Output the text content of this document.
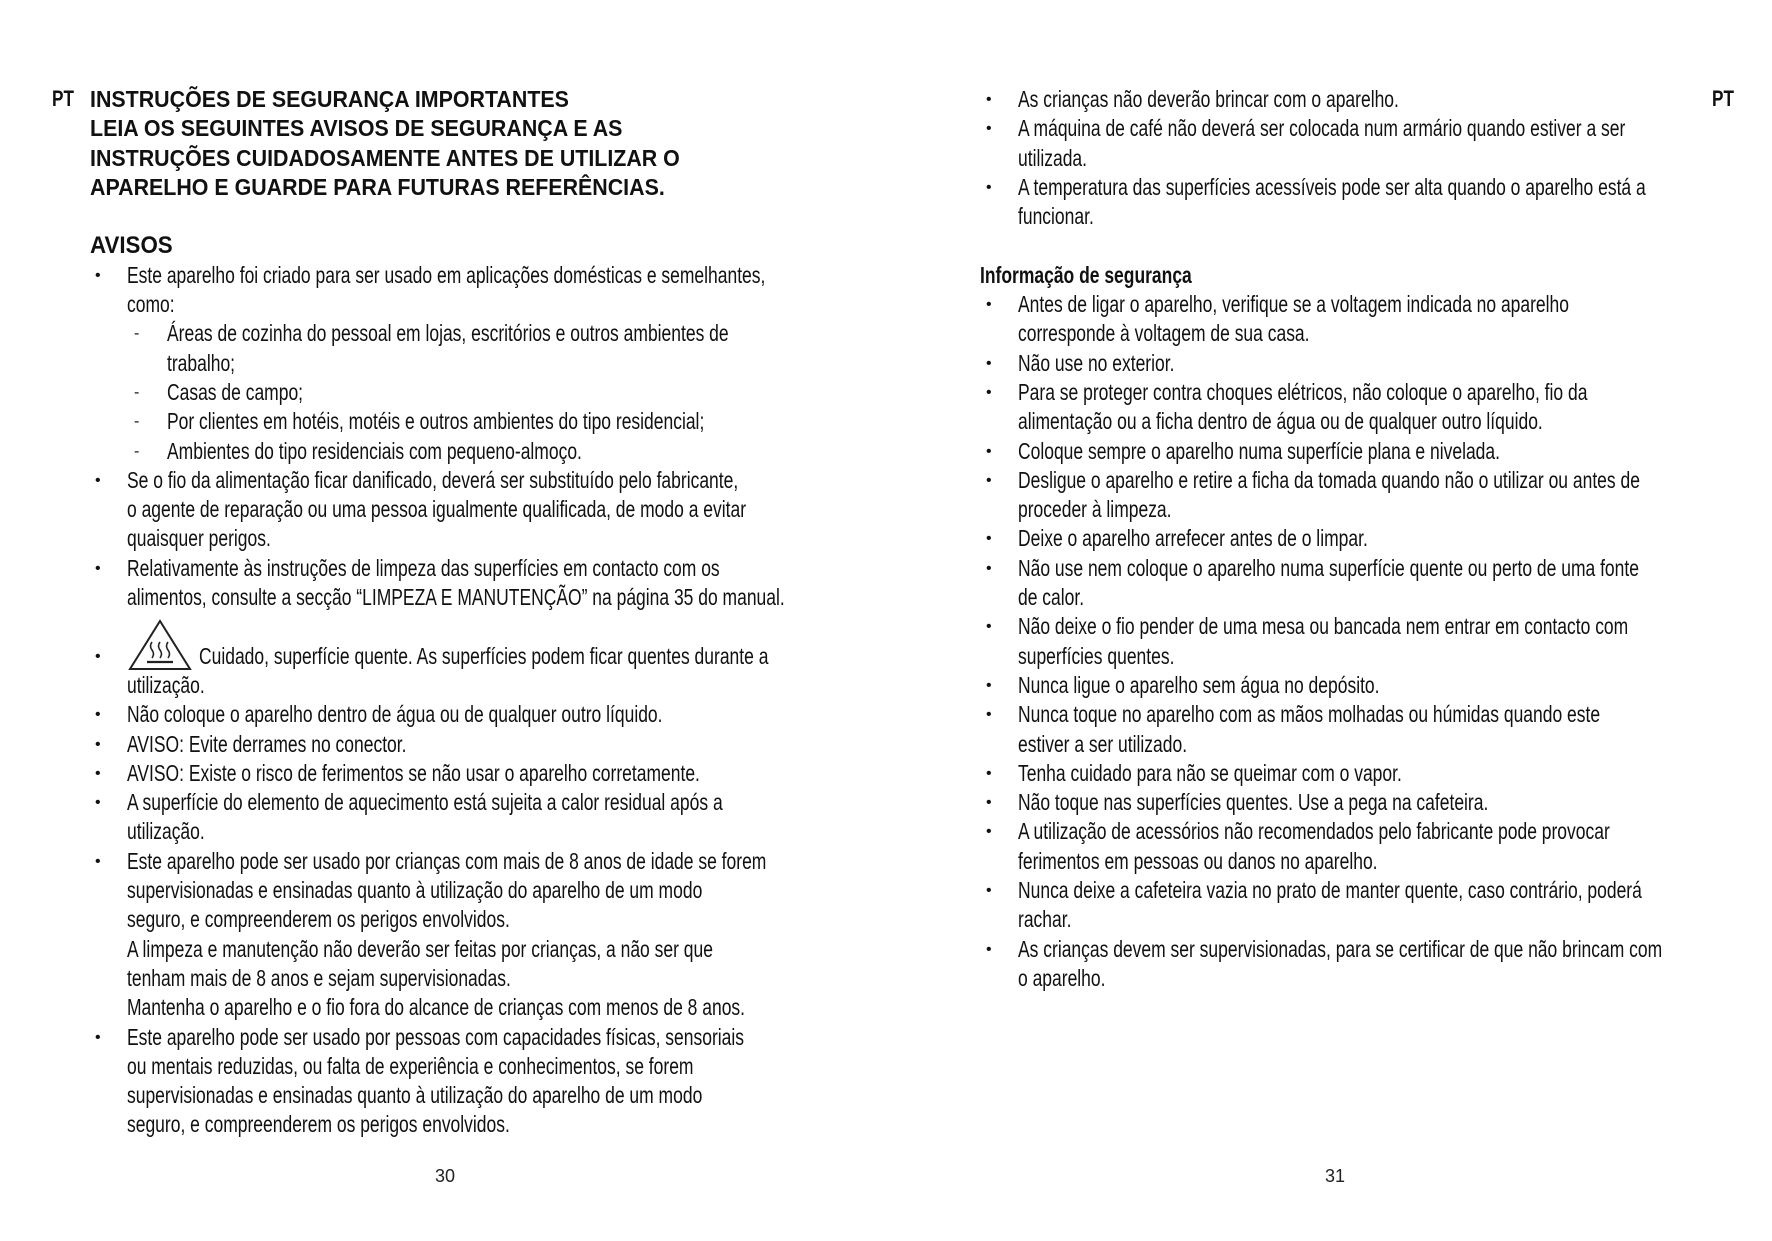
PT INSTRUÇÕES DE SEGURANÇA IMPORTANTES
LEIA OS SEGUINTES AVISOS DE SEGURANÇA E AS
INSTRUÇÕES CUIDADOSAMENTE ANTES DE UTILIZAR O
APARELHO E GUARDE PARA FUTURAS REFERÊNCIAS.
AVISOS
Este aparelho foi criado para ser usado em aplicações domésticas e semelhantes,
•
como:
Áreas de cozinha do pessoal em lojas, escritórios e outros ambientes de
-
trabalho;
Casas de campo;
-
Por clientes em hotéis, motéis e outros ambientes do tipo residencial;
-
Ambientes do tipo residenciais com pequeno-almoço.
-
Se o fio da alimentação ficar danificado, deverá ser substituído pelo fabricante,
•
o agente de reparação ou uma pessoa igualmente qualificada, de modo a evitar
quaisquer perigos.
Relativamente às instruções de limpeza das superfícies em contacto com os
•
alimentos, consulte a secção “LIMPEZA E MANUTENÇÃO” na página 35 do manual.
Cuidado, superfície quente. As superfícies podem ficar quentes durante a
•
utilização.
Não coloque o aparelho dentro de água ou de qualquer outro líquido.
•
AVISO: Evite derrames no conector.
•
AVISO: Existe o risco de ferimentos se não usar o aparelho corretamente.
•
A superfície do elemento de aquecimento está sujeita a calor residual após a
•
utilização.
Este aparelho pode ser usado por crianças com mais de 8 anos de idade se forem
•
supervisionadas e ensinadas quanto à utilização do aparelho de um modo
seguro, e compreenderem os perigos envolvidos.
A limpeza e manutenção não deverão ser feitas por crianças, a não ser que
tenham mais de 8 anos e sejam supervisionadas.
Mantenha o aparelho e o fio fora do alcance de crianças com menos de 8 anos.
Este aparelho pode ser usado por pessoas com capacidades físicas, sensoriais
•
ou mentais reduzidas, ou falta de experiência e conhecimentos, se forem
supervisionadas e ensinadas quanto à utilização do aparelho de um modo
seguro, e compreenderem os perigos envolvidos.
30
PT
As crianças não deverão brincar com o aparelho.
•
A máquina de café não deverá ser colocada num armário quando estiver a ser
•
utilizada.
A temperatura das superfícies acessíveis pode ser alta quando o aparelho está a
•
funcionar.
Informação de segurança
Antes de ligar o aparelho, verifique se a voltagem indicada no aparelho
•
corresponde à voltagem de sua casa.
Não use no exterior.
•
Para se proteger contra choques elétricos, não coloque o aparelho, fio da
•
alimentação ou a ficha dentro de água ou de qualquer outro líquido.
Coloque sempre o aparelho numa superfície plana e nivelada.
•
Desligue o aparelho e retire a ficha da tomada quando não o utilizar ou antes de
•
proceder à limpeza.
Deixe o aparelho arrefecer antes de o limpar.
•
Não use nem coloque o aparelho numa superfície quente ou perto de uma fonte
•
de calor.
Não deixe o fio pender de uma mesa ou bancada nem entrar em contacto com
•
superfícies quentes.
Nunca ligue o aparelho sem água no depósito.
•
Nunca toque no aparelho com as mãos molhadas ou húmidas quando este
•
estiver a ser utilizado.
Tenha cuidado para não se queimar com o vapor.
•
Não toque nas superfícies quentes. Use a pega na cafeteira.
•
A utilização de acessórios não recomendados pelo fabricante pode provocar
•
ferimentos em pessoas ou danos no aparelho.
Nunca deixe a cafeteira vazia no prato de manter quente, caso contrário, poderá
•
rachar.
As crianças devem ser supervisionadas, para se certificar de que não brincam com
•
o aparelho.
31
